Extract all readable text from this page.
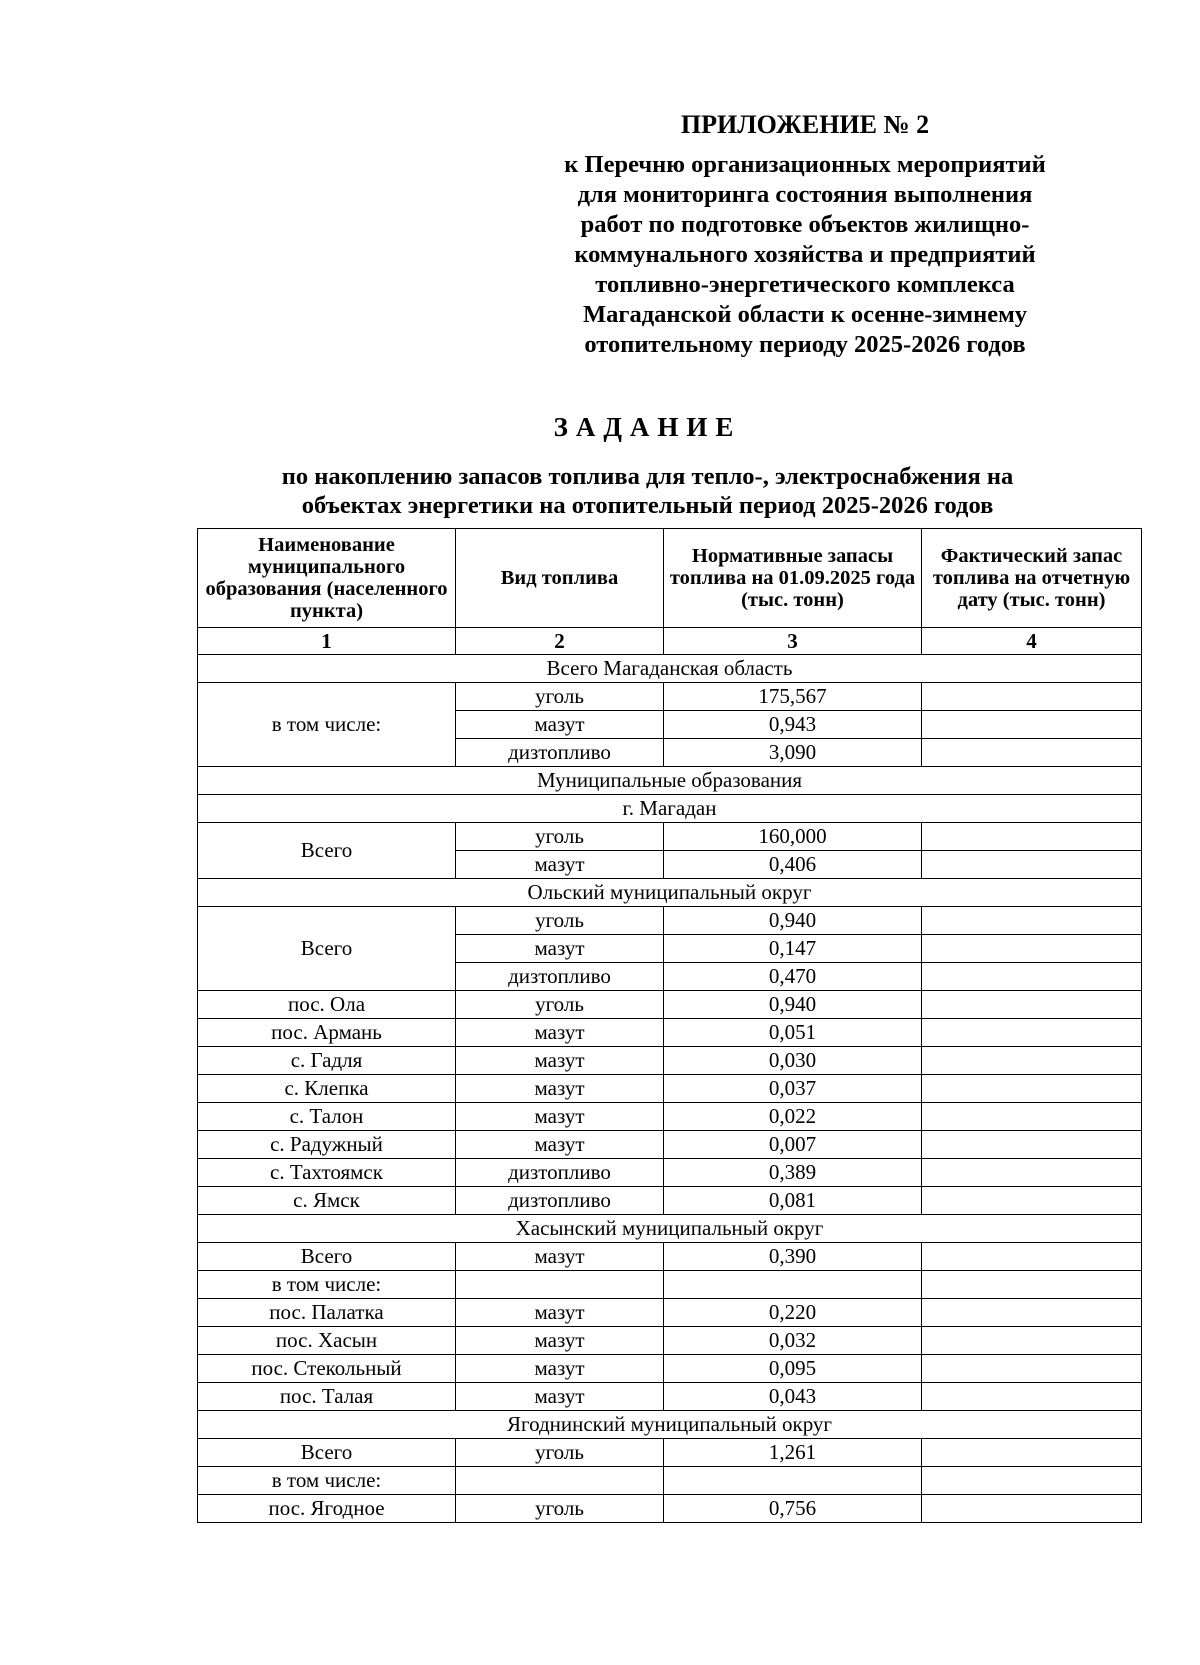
ПРИЛОЖЕНИЕ № 2
к Перечню организационных мероприятий
для мониторинга состояния выполнения
работ по подготовке объектов жилищно-
коммунального хозяйства и предприятий
топливно-энергетического комплекса
Магаданской области к осенне-зимнему
отопительному периоду 2025-2026 годов
ЗАДАНИЕ
по накоплению запасов топлива для тепло-, электроснабжения на
объектах энергетики на отопительный период 2025-2026 годов
Наименование муниципального образования (населенного пункта)	Вид топлива	Нормативные запасы топлива на 01.09.2025 года (тыс. тонн)	Фактический запас топлива на отчетную дату (тыс. тонн)
1	2	3	4
Всего Магаданская область			
в том числе:	уголь	175,567	
	мазут	0,943	
	дизтопливо	3,090	
Муниципальные образования			
г. Магадан			
Всего	уголь	160,000	
	мазут	0,406	
Ольский муниципальный округ			
Всего	уголь	0,940	
	мазут	0,147	
	дизтопливо	0,470	
пос. Ола	уголь	0,940	
пос. Армань	мазут	0,051	
с. Гадля	мазут	0,030	
с. Клепка	мазут	0,037	
с. Талон	мазут	0,022	
с. Радужный	мазут	0,007	
с. Тахтоямск	дизтопливо	0,389	
с. Ямск	дизтопливо	0,081	
Хасынский муниципальный округ			
Всего	мазут	0,390	
в том числе:			
пос. Палатка	мазут	0,220	
пос. Хасын	мазут	0,032	
пос. Стекольный	мазут	0,095	
пос. Талая	мазут	0,043	
Ягоднинский муниципальный округ			
Всего	уголь	1,261	
в том числе:			
пос. Ягодное	уголь	0,756	
